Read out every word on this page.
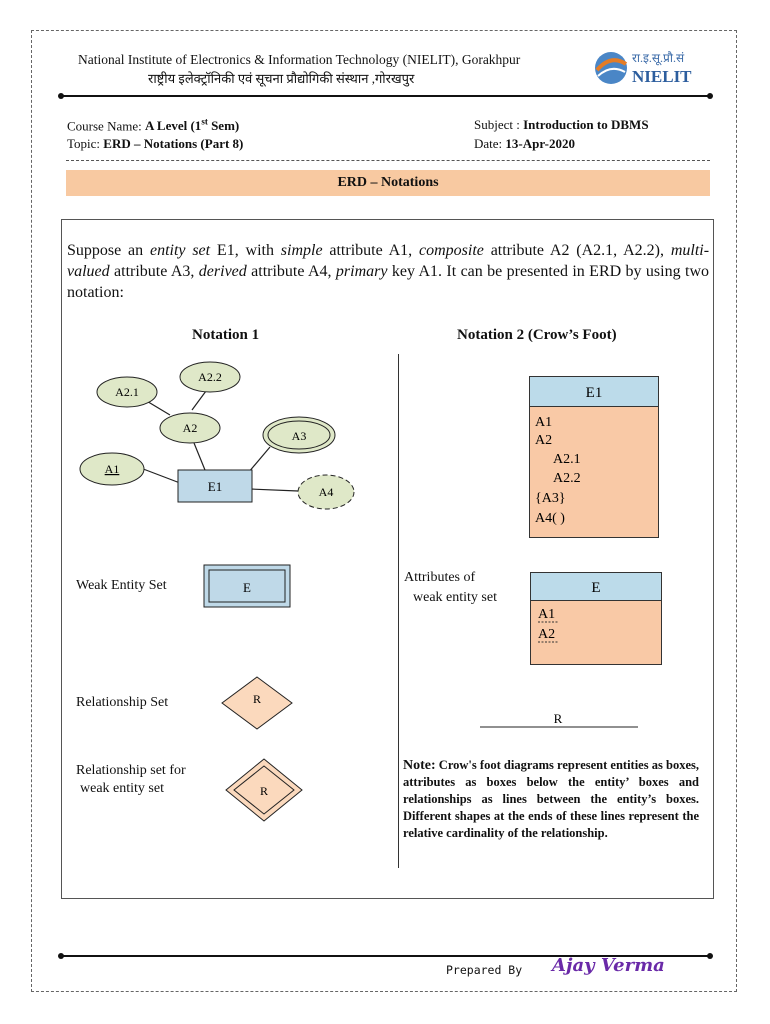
National Institute of Electronics & Information Technology (NIELIT), Gorakhpur
राष्ट्रीय इलेक्ट्रॉनिकी एवं सूचना प्रौद्योगिकी संस्थान ,गोरखपुर
रा.इ.सू.प्रौ.सं
NIELIT
Course Name: A Level (1st Sem)
Topic: ERD – Notations (Part 8)
Subject : Introduction to DBMS
Date: 13-Apr-2020
ERD – Notations
Suppose an entity set E1, with simple attribute A1, composite attribute A2 (A2.1, A2.2), multi-valued attribute A3, derived attribute A4, primary key A1. It can be presented in ERD by using two notation:
Notation 1	Notation 2 (Crow’s Foot)
A2.1
A2.2
A2
A3
A1
E1	A4
Weak Entity Set	E
Relationship Set	R
Relationship set for
weak entity set	R
E1
A1
A2
A2.1
A2.2
{A3}
A4( )
Attributes of
weak entity set
E
A1
A2
R
Note: Crow's foot diagrams represent entities as boxes, attributes as boxes below the entity’ boxes and relationships as lines between the entity’s boxes. Different shapes at the ends of these lines represent the relative cardinality of the relationship.
Prepared By Ajay Verma
